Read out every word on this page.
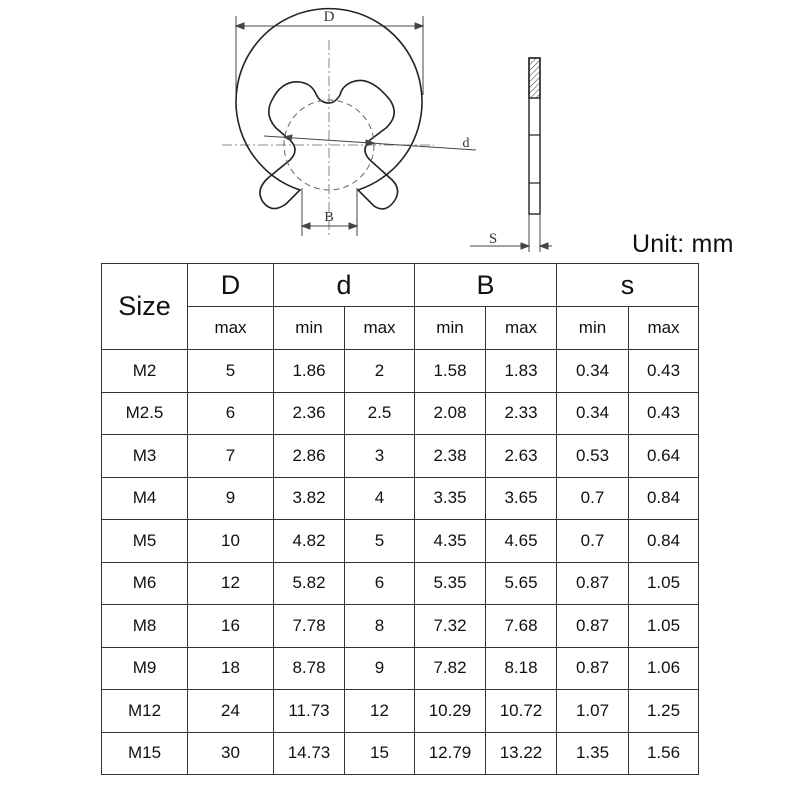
D
d
B
S	Unit: mm
Size	D	d		B		s	
	max	min	max	min	max	min	max
M2	5	1.86	2	1.58	1.83	0.34	0.43
M2.5	6	2.36	2.5	2.08	2.33	0.34	0.43
M3	7	2.86	3	2.38	2.63	0.53	0.64
M4	9	3.82	4	3.35	3.65	0.7	0.84
M5	10	4.82	5	4.35	4.65	0.7	0.84
M6	12	5.82	6	5.35	5.65	0.87	1.05
M8	16	7.78	8	7.32	7.68	0.87	1.05
M9	18	8.78	9	7.82	8.18	0.87	1.06
M12	24	11.73	12	10.29	10.72	1.07	1.25
M15	30	14.73	15	12.79	13.22	1.35	1.56
